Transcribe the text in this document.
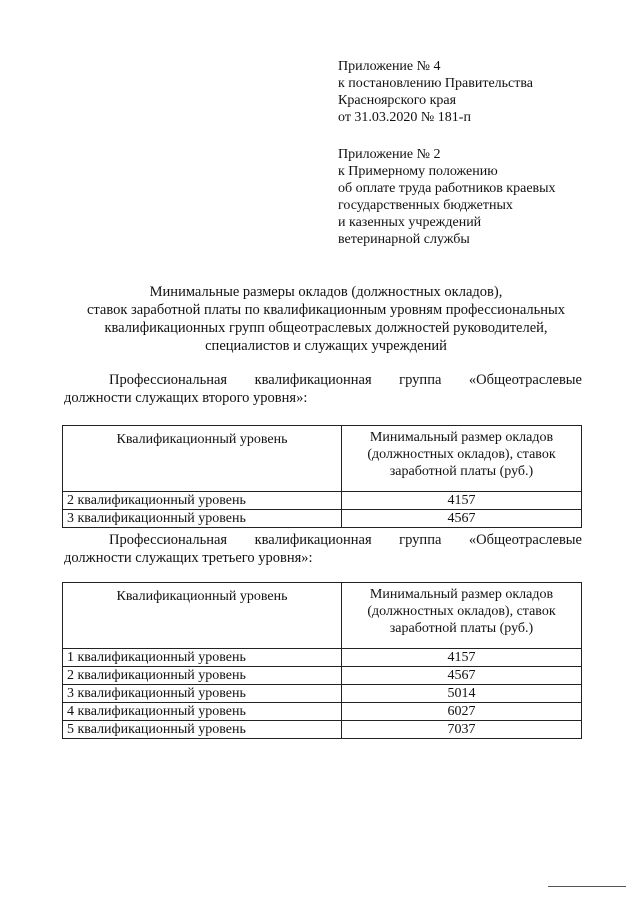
Приложение № 4
к постановлению Правительства
Красноярского края
от 31.03.2020 № 181-п
Приложение № 2
к Примерному положению
об оплате труда работников краевых
государственных бюджетных
и казенных учреждений
ветеринарной службы
Минимальные размеры окладов (должностных окладов),
ставок заработной платы по квалификационным уровням профессиональных
квалификационных групп общеотраслевых должностей руководителей,
специалистов и служащих учреждений
Профессиональная квалификационная группа «Общеотраслевые
должности служащих второго уровня»:
Квалификационный уровень	Минимальный размер окладов
(должностных окладов), ставок
заработной платы (руб.)

2 квалификационный уровень	4157
3 квалификационный уровень	4567
Профессиональная квалификационная группа «Общеотраслевые
должности служащих третьего уровня»:
Квалификационный уровень	Минимальный размер окладов
(должностных окладов), ставок
заработной платы (руб.)

1 квалификационный уровень	4157
2 квалификационный уровень	4567
3 квалификационный уровень	5014
4 квалификационный уровень	6027
5 квалификационный уровень	7037
